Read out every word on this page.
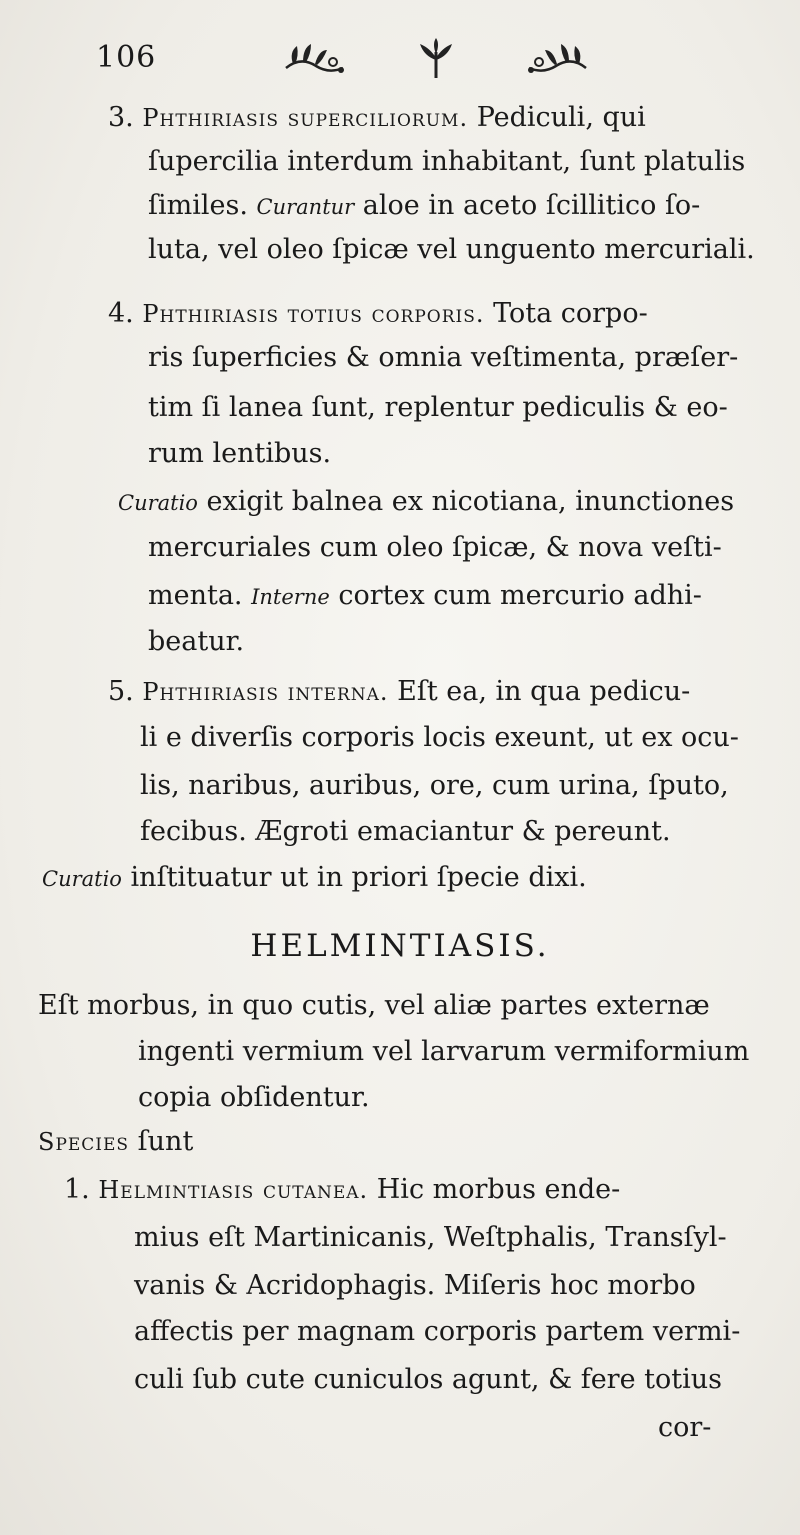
106
3. Phthiriasis superciliorum. Pediculi, qui
ſupercilia interdum inhabitant, ſunt platulis
ſimiles. Curantur aloe in aceto ſcillitico ſo-
luta, vel oleo ſpicæ vel unguento mercuriali.
4. Phthiriasis totius corporis. Tota corpo-
ris ſuperficies & omnia veſtimenta, præſer-
tim ſi lanea ſunt, replentur pediculis & eo-
rum lentibus.
Curatio exigit balnea ex nicotiana, inunctiones
mercuriales cum oleo ſpicæ, & nova veſti-
menta. Interne cortex cum mercurio adhi-
beatur.
5. Phthiriasis interna. Eſt ea, in qua pedicu-
li e diverſis corporis locis exeunt, ut ex ocu-
lis, naribus, auribus, ore, cum urina, ſputo,
fecibus. Ægroti emaciantur & pereunt.
Curatio inſtituatur ut in priori ſpecie dixi.
HELMINTIASIS.
Eſt morbus, in quo cutis, vel aliæ partes externæ
ingenti vermium vel larvarum vermiformium
copia obſidentur.
Species ſunt
1. Helmintiasis cutanea. Hic morbus ende-
mius eſt Martinicanis, Weſtphalis, Transſyl-
vanis & Acridophagis. Miſeris hoc morbo
affectis per magnam corporis partem vermi-
culi ſub cute cuniculos agunt, & fere totius
cor-
